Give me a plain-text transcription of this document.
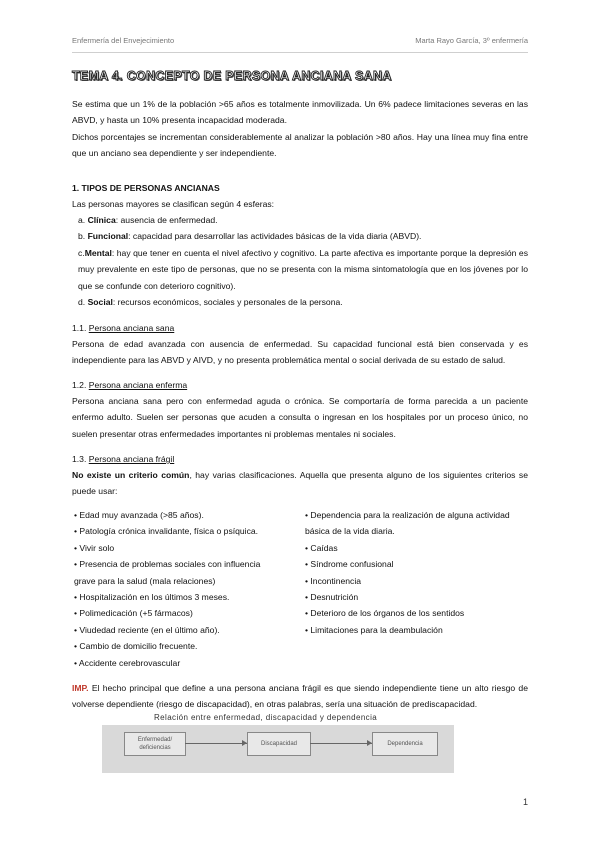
Enfermería del Envejecimiento	Marta Rayo García, 3º enfermería
TEMA 4. CONCEPTO DE PERSONA ANCIANA SANA

Se estima que un 1% de la población >65 años es totalmente inmovilizada. Un 6% padece limitaciones severas en las ABVD, y hasta un 10% presenta incapacidad moderada.

Dichos porcentajes se incrementan considerablemente al analizar la población >80 años. Hay una línea muy fina entre que un anciano sea dependiente y ser independiente.

1. TIPOS DE PERSONAS ANCIANAS

Las personas mayores se clasifican según 4 esferas:

a. Clínica: ausencia de enfermedad.
b. Funcional: capacidad para desarrollar las actividades básicas de la vida diaria (ABVD).
c.Mental: hay que tener en cuenta el nivel afectivo y cognitivo. La parte afectiva es importante porque la depresión es muy prevalente en este tipo de personas, que no se presenta con la misma sintomatología que en los jóvenes por lo que se confunde con deterioro cognitivo).
d. Social: recursos económicos, sociales y personales de la persona.

1.1. Persona anciana sana

Persona de edad avanzada con ausencia de enfermedad. Su capacidad funcional está bien conservada y es independiente para las ABVD y AIVD, y no presenta problemática mental o social derivada de su estado de salud.

1.2. Persona anciana enferma

Persona anciana sana pero con enfermedad aguda o crónica. Se comportaría de forma parecida a un paciente enfermo adulto. Suelen ser personas que acuden a consulta o ingresan en los hospitales por un proceso único, no suelen presentar otras enfermedades importantes ni problemas mentales ni sociales.

1.3. Persona anciana frágil

No existe un criterio común, hay varias clasificaciones. Aquella que presenta alguno de los siguientes criterios se puede usar:

• Edad muy avanzada (>85 años).
• Patología crónica invalidante, física o psíquica.
• Vivir solo
• Presencia de problemas sociales con influencia
grave para la salud (mala relaciones)
• Hospitalización en los últimos 3 meses.
• Polimedicación (+5 fármacos)
• Viudedad reciente (en el último año).
• Cambio de domicilio frecuente.
• Accidente cerebrovascular
• Dependencia para la realización de alguna actividad
básica de la vida diaria.
• Caídas
• Síndrome confusional
• Incontinencia
• Desnutrición
• Deterioro de los órganos de los sentidos
• Limitaciones para la deambulación

IMP. El hecho principal que define a una persona anciana frágil es que siendo independiente tiene un alto riesgo de volverse dependiente (riesgo de discapacidad), en otras palabras, sería una situación de prediscapacidad.

Relación entre enfermedad, discapacidad y dependencia
Enfermedad/ deficiencias
Discapacidad	Dependencia
1
